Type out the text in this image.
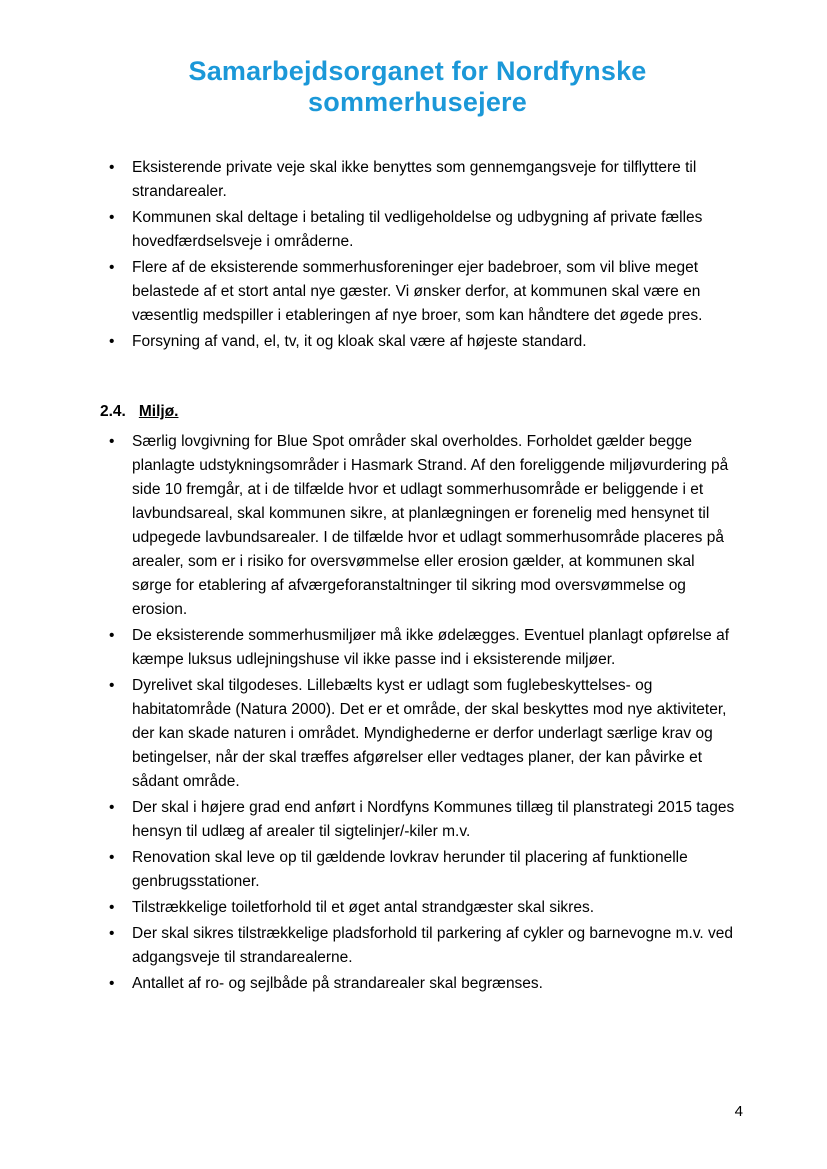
Samarbejdsorganet for Nordfynske sommerhusejere
• Eksisterende private veje skal ikke benyttes som gennemgangsveje for tilflyttere til strandarealer.
• Kommunen skal deltage i betaling til vedligeholdelse og udbygning af private fælles hovedfærdselsveje i områderne.
• Flere af de eksisterende sommerhusforeninger ejer badebroer, som vil blive meget belastede af et stort antal nye gæster. Vi ønsker derfor, at kommunen skal være en væsentlig medspiller i etableringen af nye broer, som kan håndtere det øgede pres.
• Forsyning af vand, el, tv, it og kloak skal være af højeste standard.
2.4. Miljø.
• Særlig lovgivning for Blue Spot områder skal overholdes. Forholdet gælder begge planlagte udstykningsområder i Hasmark Strand. Af den foreliggende miljøvurdering på side 10 fremgår, at i de tilfælde hvor et udlagt sommerhusområde er beliggende i et lavbundsareal, skal kommunen sikre, at planlægningen er forenelig med hensynet til udpegede lavbundsarealer. I de tilfælde hvor et udlagt sommerhusområde placeres på arealer, som er i risiko for oversvømmelse eller erosion gælder, at kommunen skal sørge for etablering af afværgeforanstaltninger til sikring mod oversvømmelse og erosion.
• De eksisterende sommerhusmiljøer må ikke ødelægges. Eventuel planlagt opførelse af kæmpe luksus udlejningshuse vil ikke passe ind i eksisterende miljøer.
• Dyrelivet skal tilgodeses. Lillebælts kyst er udlagt som fuglebeskyttelses- og habitatområde (Natura 2000). Det er et område, der skal beskyttes mod nye aktiviteter, der kan skade naturen i området. Myndighederne er derfor underlagt særlige krav og betingelser, når der skal træffes afgørelser eller vedtages planer, der kan påvirke et sådant område.
• Der skal i højere grad end anført i Nordfyns Kommunes tillæg til planstrategi 2015 tages hensyn til udlæg af arealer til sigtelinjer/-kiler m.v.
• Renovation skal leve op til gældende lovkrav herunder til placering af funktionelle genbrugsstationer.
• Tilstrækkelige toiletforhold til et øget antal strandgæster skal sikres.
• Der skal sikres tilstrækkelige pladsforhold til parkering af cykler og barnevogne m.v. ved adgangsveje til strandarealerne.
• Antallet af ro- og sejlbåde på strandarealer skal begrænses.
4
